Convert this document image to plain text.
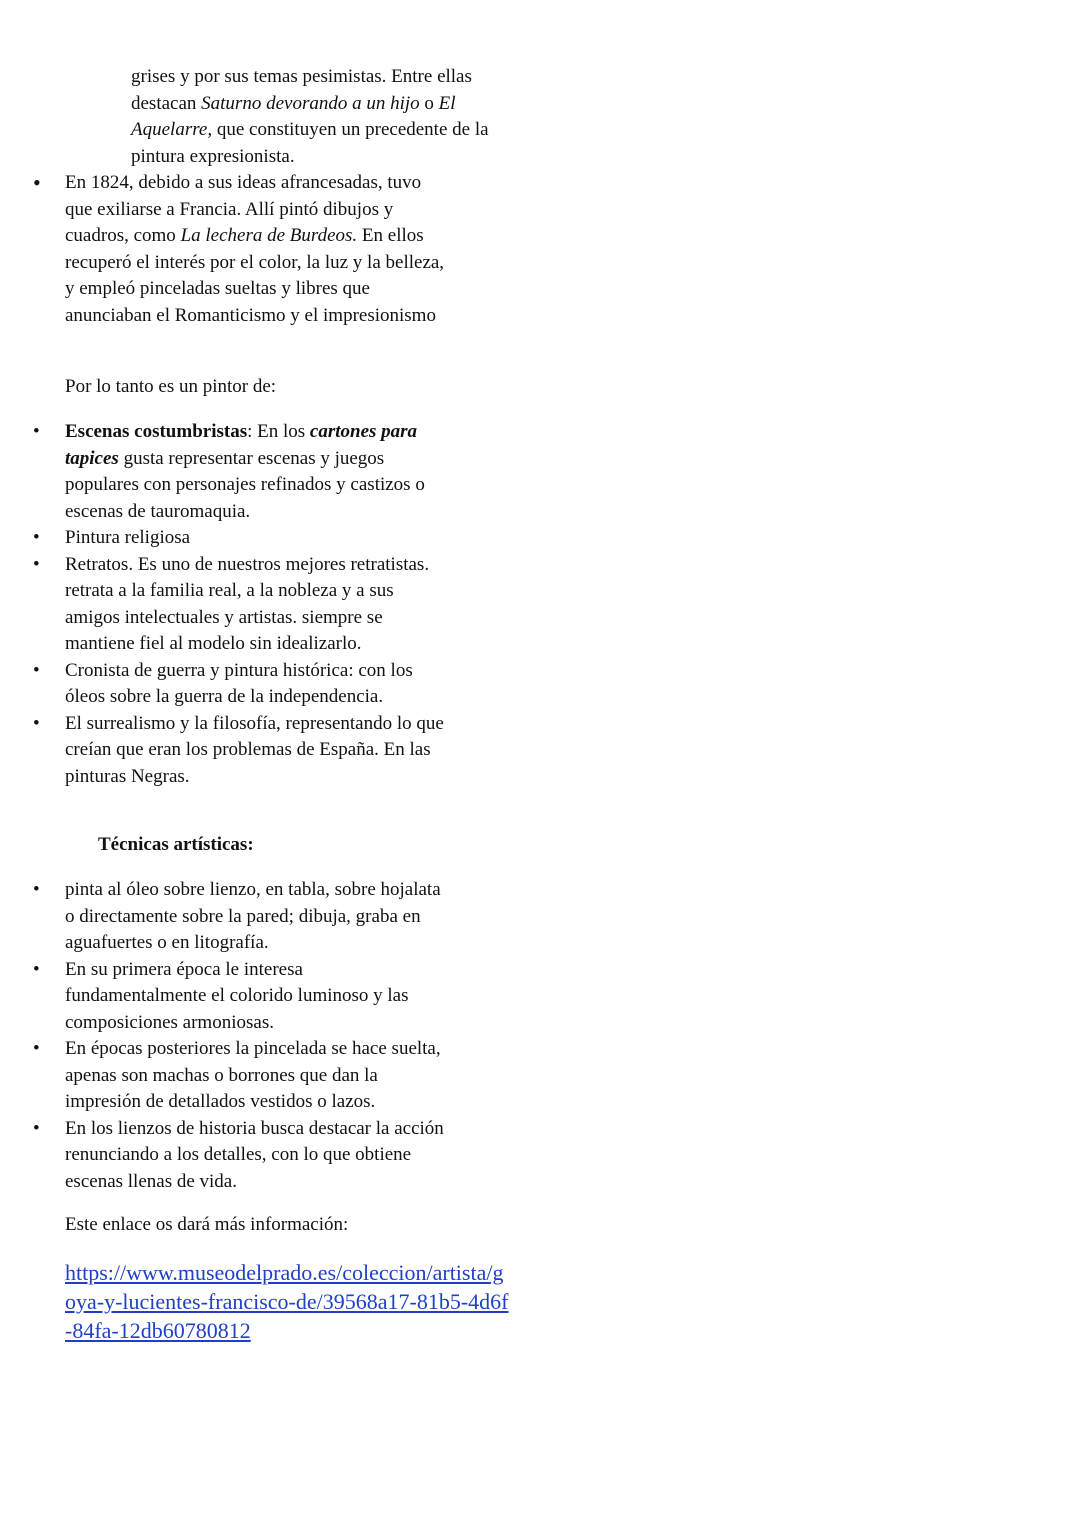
grises y por sus temas pesimistas. Entre ellas
destacan Saturno devorando a un hijo o El
Aquelarre, que constituyen un precedente de la
pintura expresionista.
•	En 1824, debido a sus ideas afrancesadas, tuvo que exiliarse a Francia. Allí pintó dibujos y cuadros, como La lechera de Burdeos. En ellos recuperó el interés por el color, la luz y la belleza, y empleó pinceladas sueltas y libres que anunciaban el Romanticismo y el impresionismo
Por lo tanto es un pintor de:
•	Escenas costumbristas: En los cartones para tapices gusta representar escenas y juegos populares con personajes refinados y castizos o escenas de tauromaquia.
•	Pintura religiosa
•	Retratos. Es uno de nuestros mejores retratistas. retrata a la familia real, a la nobleza y a sus amigos intelectuales y artistas. siempre se mantiene fiel al modelo sin idealizarlo.
•	Cronista de guerra y pintura histórica: con los óleos sobre la guerra de la independencia.
•	El surrealismo y la filosofía, representando lo que creían que eran los problemas de España. En las pinturas Negras.
Técnicas artísticas:
•	pinta al óleo sobre lienzo, en tabla, sobre hojalata o directamente sobre la pared; dibuja, graba en aguafuertes o en litografía.
•	En su primera época le interesa fundamentalmente el colorido luminoso y las composiciones armoniosas.
•	En épocas posteriores la pincelada se hace suelta, apenas son machas o borrones que dan la impresión de detallados vestidos o lazos.
•	En los lienzos de historia busca destacar la acción renunciando a los detalles, con lo que obtiene escenas llenas de vida.
Este enlace os dará más información:
https://www.museodelprado.es/coleccion/artista/goya-y-lucientes-francisco-de/39568a17-81b5-4d6f-84fa-12db60780812
